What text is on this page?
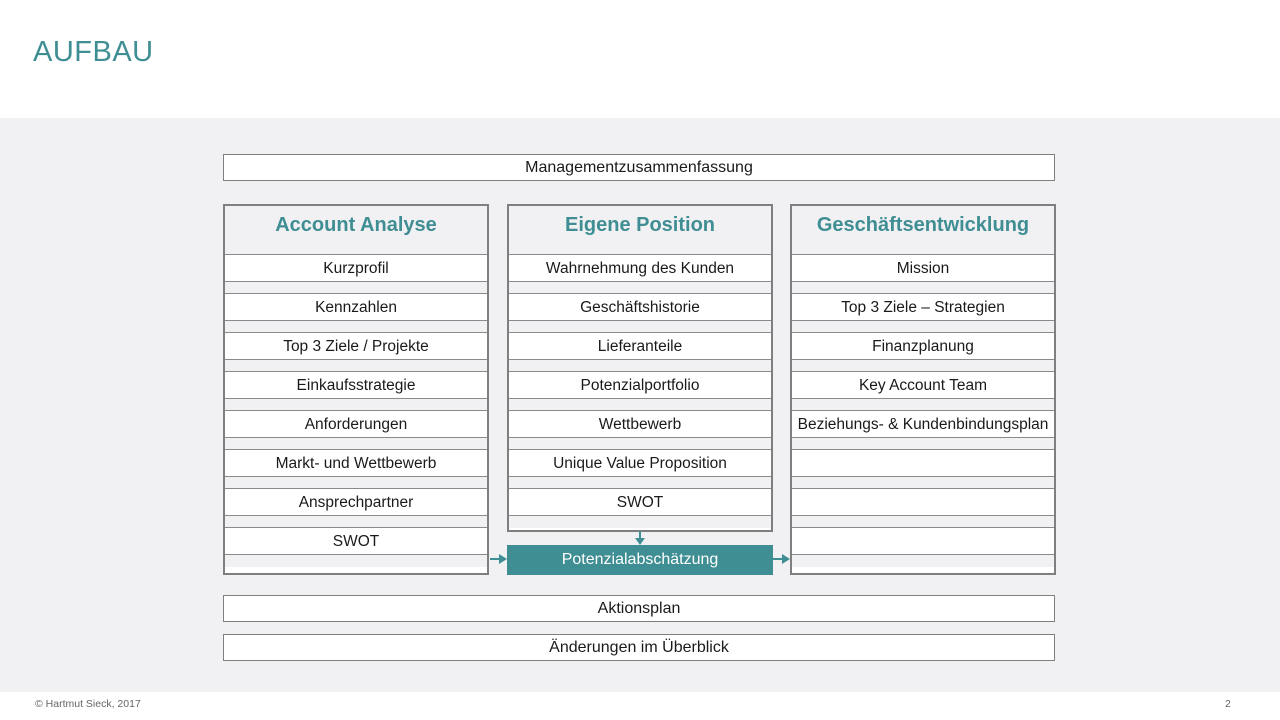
AUFBAU
Managementzusammenfassung
Account Analyse
Kurzprofil
Kennzahlen
Top 3 Ziele / Projekte
Einkaufsstrategie
Anforderungen
Markt- und Wettbewerb
Ansprechpartner
SWOT
Eigene Position
Wahrnehmung des Kunden
Geschäftshistorie
Lieferanteile
Potenzialportfolio
Wettbewerb
Unique Value Proposition
SWOT
Geschäftsentwicklung
Mission
Top 3 Ziele – Strategien
Finanzplanung
Key Account Team
Beziehungs- & Kundenbindungsplan
Potenzialabschätzung
Aktionsplan
Änderungen im Überblick
© Hartmut Sieck, 2017	2
